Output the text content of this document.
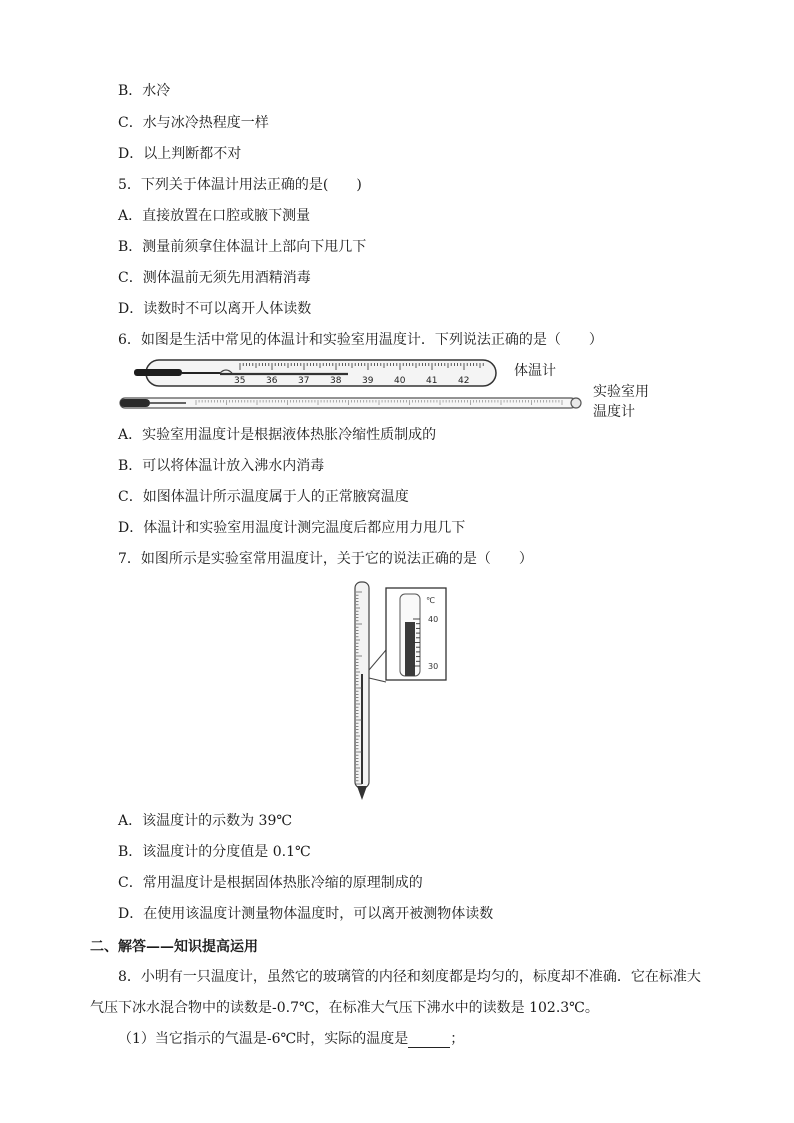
B．水冷
C．水与冰冷热程度一样
D．以上判断都不对
5．下列关于体温计用法正确的是(　　)
A．直接放置在口腔或腋下测量
B．测量前须拿住体温计上部向下甩几下
C．测体温前无须先用酒精消毒
D．读数时不可以离开人体读数
6．如图是生活中常见的体温计和实验室用温度计．下列说法正确的是（　　）
35 36 37 38 39 40 41 42
体温计
实验室用
温度计
A．实验室用温度计是根据液体热胀冷缩性质制成的
B．可以将体温计放入沸水内消毒
C．如图体温计所示温度属于人的正常腋窝温度
D．体温计和实验室用温度计测完温度后都应用力甩几下
7．如图所示是实验室常用温度计，关于它的说法正确的是（　　）
℃
40
30
A．该温度计的示数为 39℃
B．该温度计的分度值是 0.1℃
C．常用温度计是根据固体热胀冷缩的原理制成的
D．在使用该温度计测量物体温度时，可以离开被测物体读数
二、解答——知识提高运用
8．小明有一只温度计，虽然它的玻璃管的内径和刻度都是均匀的，标度却不准确．它在标准大
气压下冰水混合物中的读数是-0.7℃，在标准大气压下沸水中的读数是 102.3℃。
（1）当它指示的气温是-6℃时，实际的温度是	；
